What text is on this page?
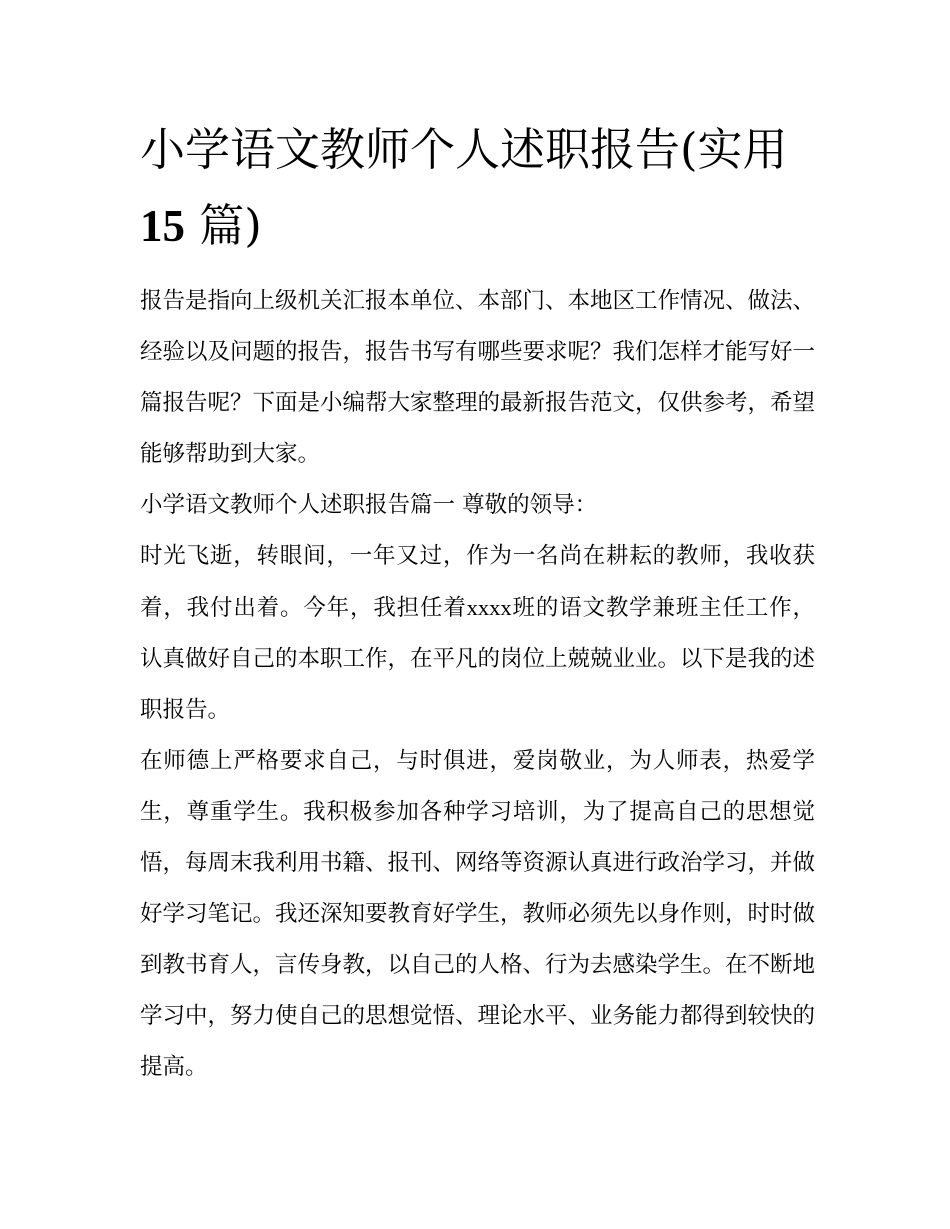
小学语文教师个人述职报告(实用 15 篇)

报告是指向上级机关汇报本单位、本部门、本地区工作情况、做法、经验以及问题的报告，报告书写有哪些要求呢？我们怎样才能写好一篇报告呢？下面是小编帮大家整理的最新报告范文，仅供参考，希望能够帮助到大家。

小学语文教师个人述职报告篇一 尊敬的领导：

时光飞逝，转眼间，一年又过，作为一名尚在耕耘的教师，我收获着，我付出着。今年，我担任着xxxx班的语文教学兼班主任工作，认真做好自己的本职工作，在平凡的岗位上兢兢业业。以下是我的述职报告。

在师德上严格要求自己，与时俱进，爱岗敬业，为人师表，热爱学生，尊重学生。我积极参加各种学习培训，为了提高自己的思想觉悟，每周末我利用书籍、报刊、网络等资源认真进行政治学习，并做好学习笔记。我还深知要教育好学生，教师必须先以身作则，时时做到教书育人，言传身教，以自己的人格、行为去感染学生。在不断地学习中，努力使自己的思想觉悟、理论水平、业务能力都得到较快的提高。
